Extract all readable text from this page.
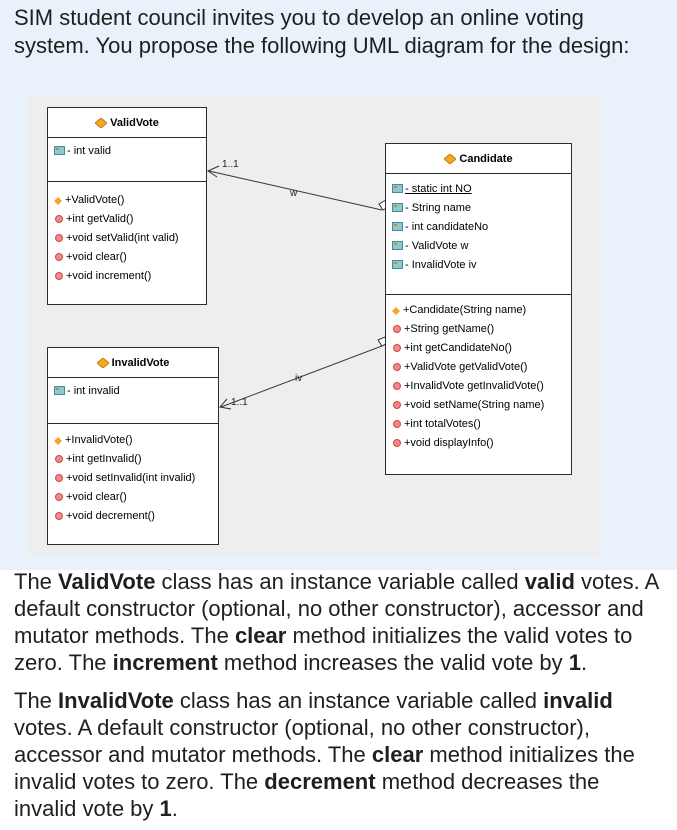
SIM student council invites you to develop an online voting system. You propose the following UML diagram for the design:

w
1..1
iv
1..1
ValidVote
- int valid
+ValidVote()
+int getValid()
+void setValid(int valid)
+void clear()
+void increment()
InvalidVote
- int invalid
+InvalidVote()
+int getInvalid()
+void setInvalid(int invalid)
+void clear()
+void decrement()
Candidate
- static int NO
- String name
- int candidateNo
- ValidVote w
- InvalidVote iv
+Candidate(String name)
+String getName()
+int getCandidateNo()
+ValidVote getValidVote()
+InvalidVote getInvalidVote()
+void setName(String name)
+int totalVotes()
+void displayInfo()

The ValidVote class has an instance variable called valid votes. A default constructor (optional, no other constructor), accessor and mutator methods. The clear method initializes the valid votes to zero. The increment method increases the valid vote by 1.

The InvalidVote class has an instance variable called invalid votes. A default constructor (optional, no other constructor), accessor and mutator methods. The clear method initializes the invalid votes to zero. The decrement method decreases the invalid vote by 1.
